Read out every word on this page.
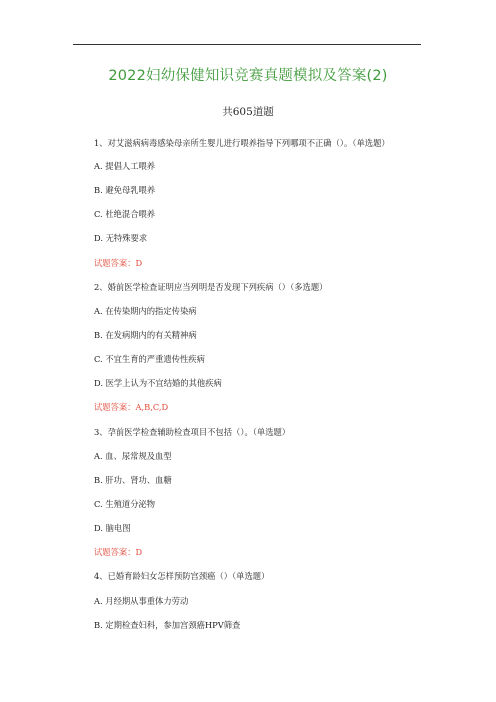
2022妇幼保健知识竞赛真题模拟及答案(2)
共605道题
1、对艾滋病病毒感染母亲所生婴儿进行喂养指导下列哪项不正确（）。（单选题）
A. 提倡人工喂养
B. 避免母乳喂养
C. 杜绝混合喂养
D. 无特殊要求
试题答案：D
2、婚前医学检查证明应当列明是否发现下列疾病（）（多选题）
A. 在传染期内的指定传染病
B. 在发病期内的有关精神病
C. 不宜生育的严重遗传性疾病
D. 医学上认为不宜结婚的其他疾病
试题答案：A,B,C,D
3、孕前医学检查辅助检查项目不包括（）。（单选题）
A. 血、尿常规及血型
B. 肝功、肾功、血糖
C. 生殖道分泌物
D. 脑电图
试题答案：D
4、已婚育龄妇女怎样预防宫颈癌（）（单选题）
A. 月经期从事重体力劳动
B. 定期检查妇科，参加宫颈癌HPV筛查
